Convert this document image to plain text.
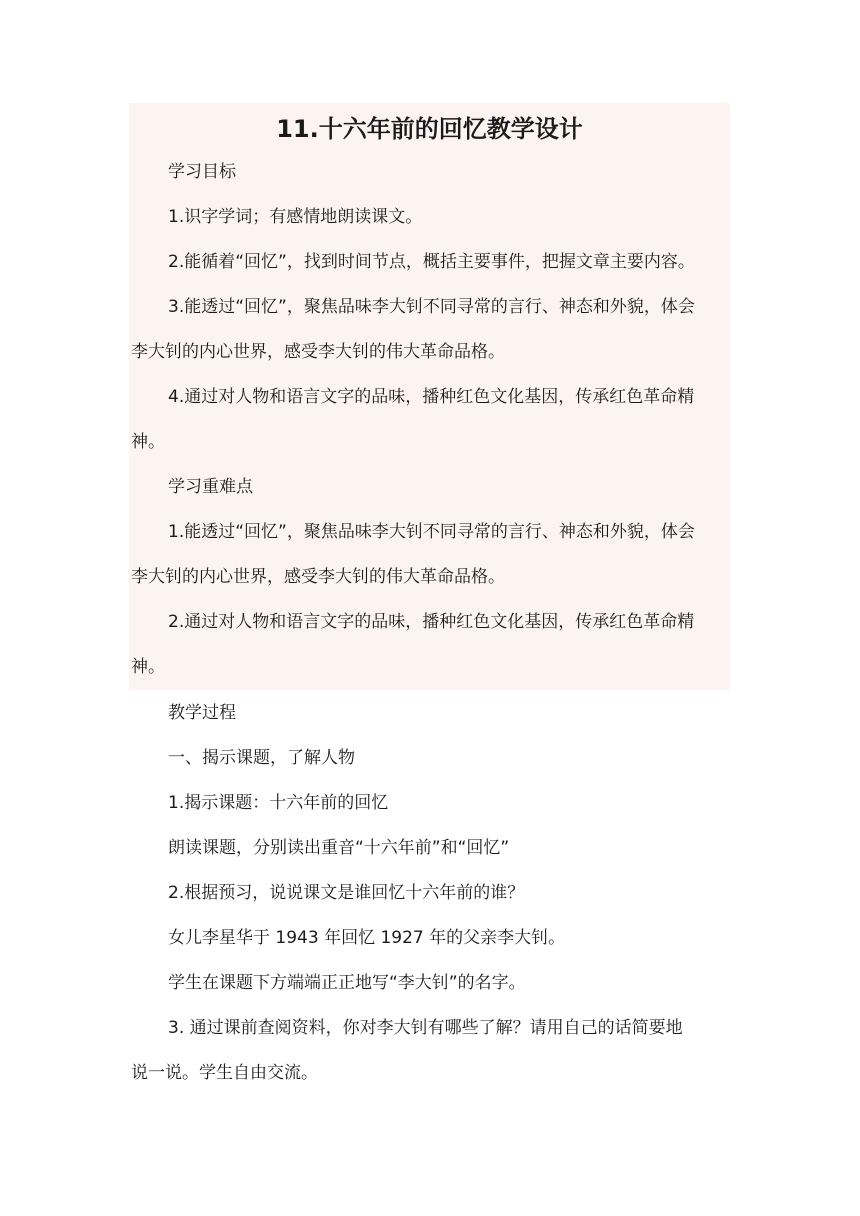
11.十六年前的回忆教学设计

学习目标

1.识字学词；有感情地朗读课文。

2.能循着“回忆”，找到时间节点，概括主要事件，把握文章主要内容。

3.能透过“回忆”，聚焦品味李大钊不同寻常的言行、神态和外貌，体会

李大钊的内心世界，感受李大钊的伟大革命品格。

4.通过对人物和语言文字的品味，播种红色文化基因，传承红色革命精

神。

学习重难点

1.能透过“回忆”，聚焦品味李大钊不同寻常的言行、神态和外貌，体会

李大钊的内心世界，感受李大钊的伟大革命品格。

2.通过对人物和语言文字的品味，播种红色文化基因，传承红色革命精

神。

教学过程

一、揭示课题，了解人物

1.揭示课题：十六年前的回忆

朗读课题，分别读出重音“十六年前”和“回忆”

2.根据预习，说说课文是谁回忆十六年前的谁？

女儿李星华于 1943 年回忆 1927 年的父亲李大钊。

学生在课题下方端端正正地写“李大钊”的名字。

3. 通过课前查阅资料，你对李大钊有哪些了解？请用自己的话简要地

说一说。学生自由交流。
